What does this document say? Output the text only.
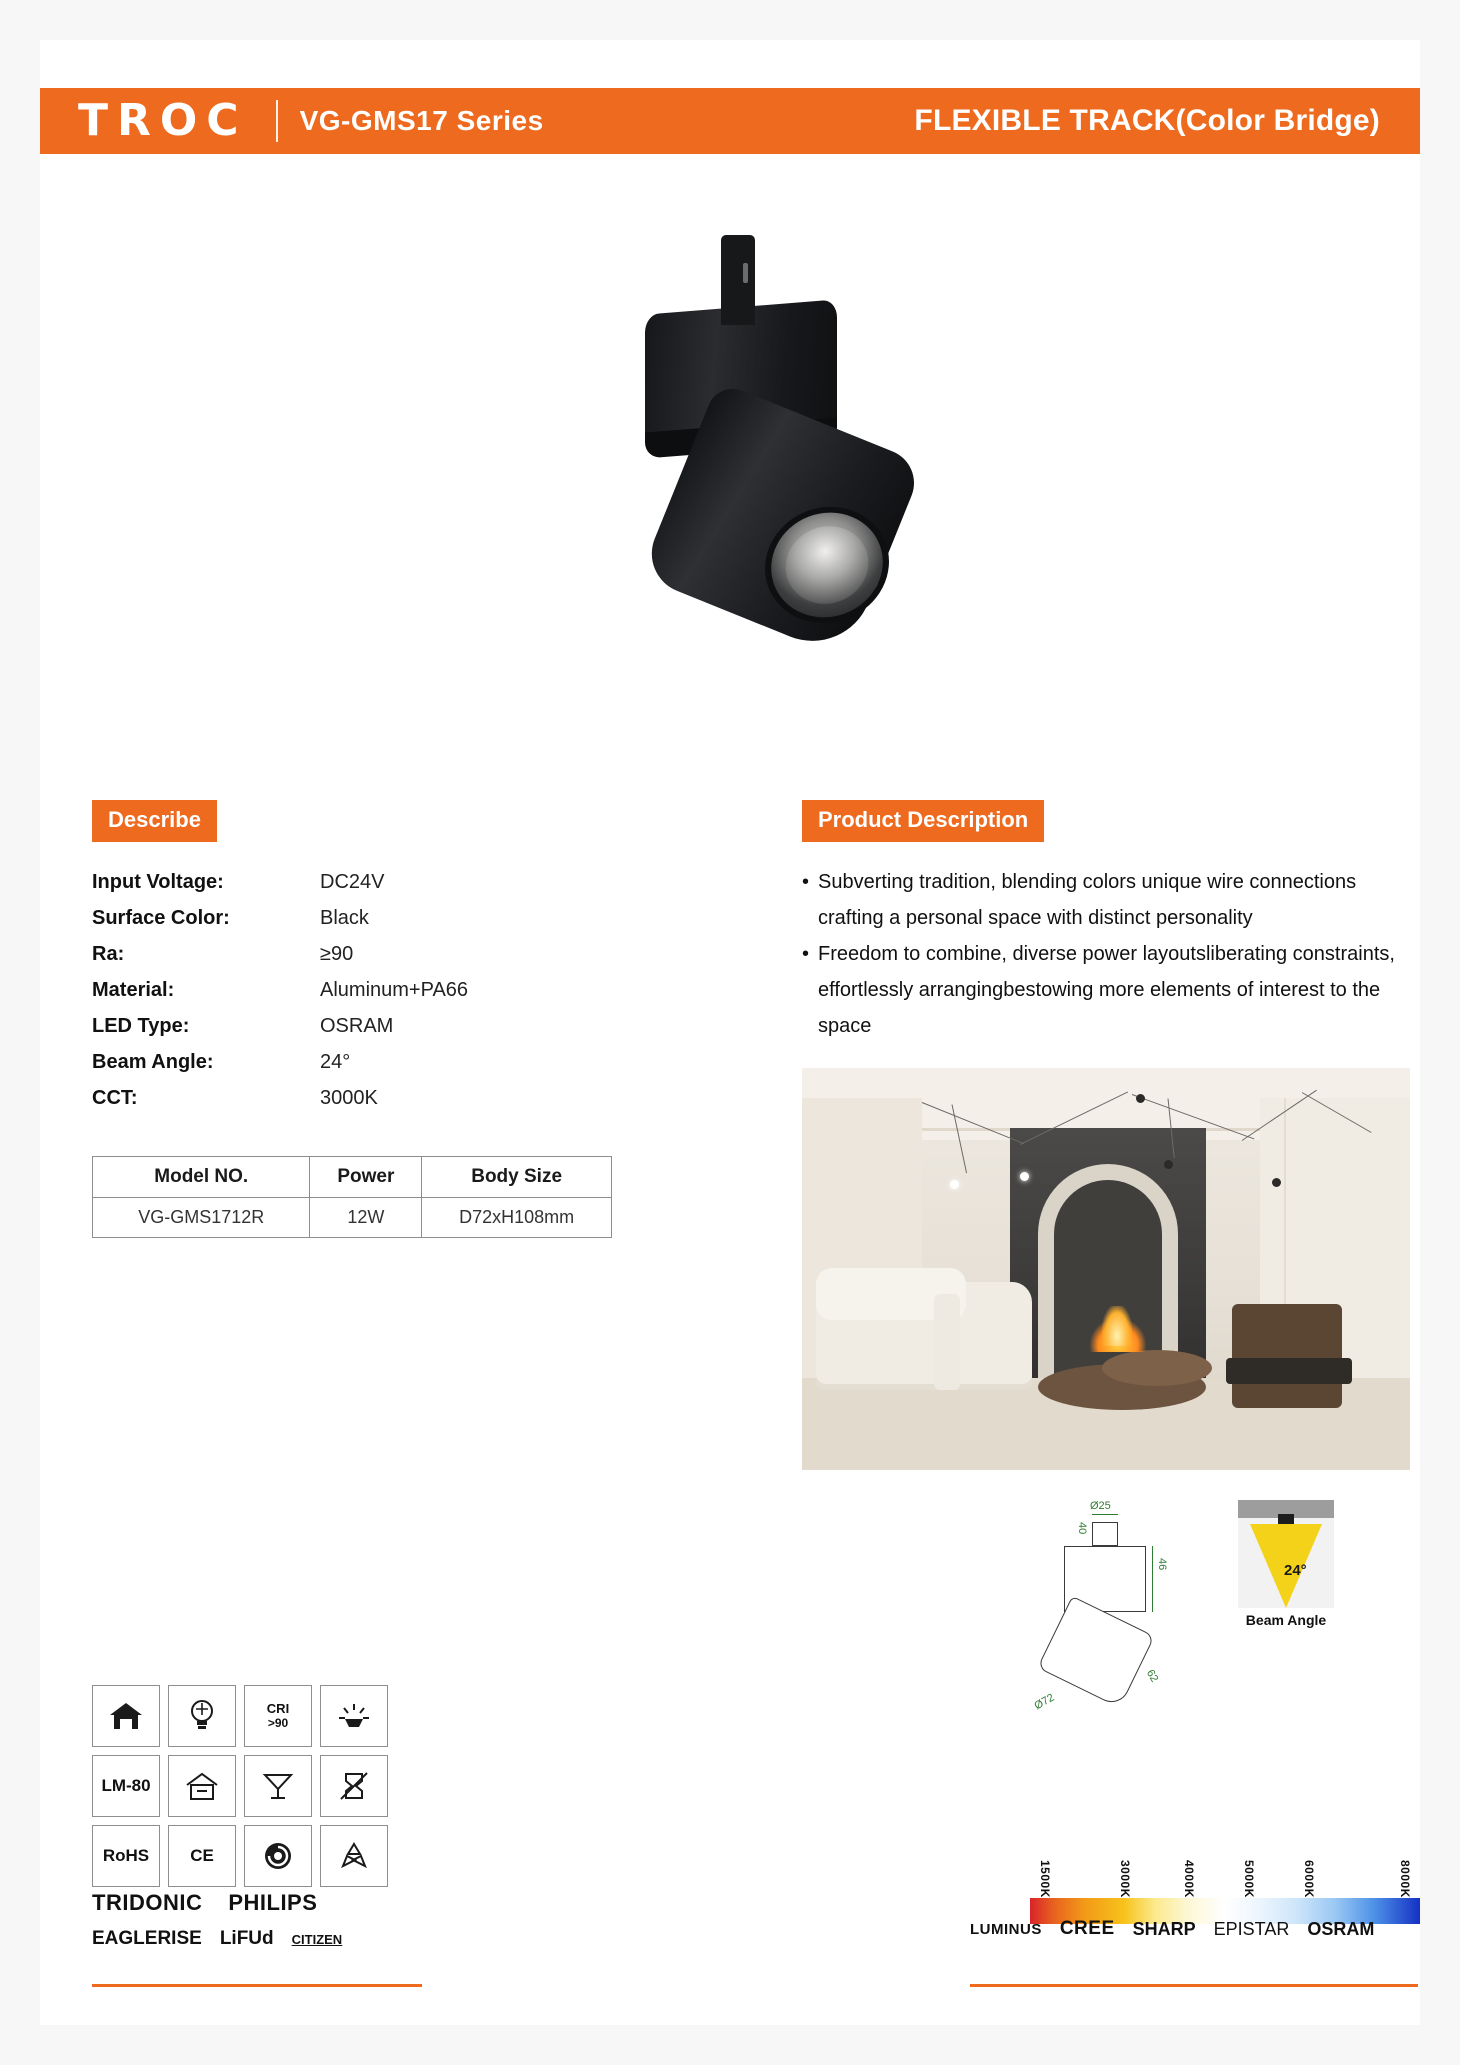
TROC VG-GMS17 Series	FLEXIBLE TRACK(Color Bridge)
Describe
Input Voltage:	DC24V
Surface Color:	Black
Ra:	≥90
Material:	Aluminum+PA66
LED Type:	OSRAM
Beam Angle:	24°
CCT:	3000K
Model NO.	Power	Body Size
VG-GMS1712R	12W	D72xH108mm
Product Description
• Subverting tradition, blending colors unique wire connections crafting a personal space with distinct personality
• Freedom to combine, diverse power layoutsliberating constraints, effortlessly arrangingbestowing more elements of interest to the space
Ø25
40
46
Ø72
62
24°
Beam Angle
1500K	3000K	4000K	5000K	6000K	8000K
CRI
>90
LM-80
RoHS CE
TRIDONIC PHILIPS
EAGLERISE LiFUd CITIZEN
LUMINUS CREE SHARP EPISTAR OSRAM
